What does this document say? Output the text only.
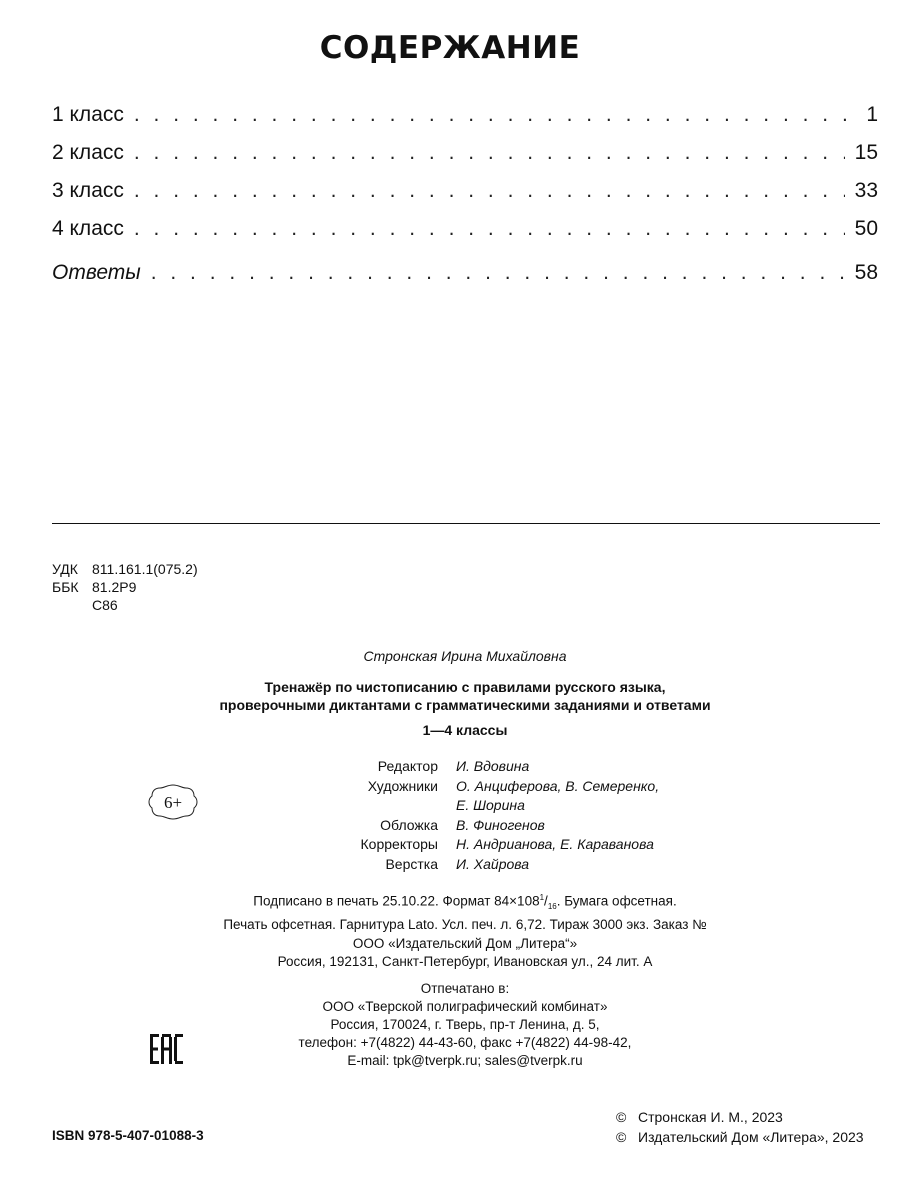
СОДЕРЖАНИЕ
1 класс . . .	1
2 класс . . .	15
3 класс . . .	33
4 класс . . .	50
Ответы . . .	58
УДК	811.161.1(075.2)
ББК 81.2Р9
С86
Стронская Ирина Михайловна
Тренажёр по чистописанию с правилами русского языка,
проверочными диктантами с грамматическими заданиями и ответами
1—4 классы
6+
Редактор	И. Вдовина
Художники	О. Анциферова, В. Семеренко,
Е. Шорина
Обложка	В. Финогенов
Корректоры	Н. Андрианова, Е. Караванова
Верстка	И. Хайрова
Подписано в печать 25.10.22. Формат $84\times 108^1/_{16}$. Бумага офсетная.
Печать офсетная. Гарнитура Lato. Усл. печ. л. 6,72. Тираж 3000 экз. Заказ №
ООО «Издательский Дом „Литера“»
Россия, 192131, Санкт-Петербург, Ивановская ул., 24 лит. А
Отпечатано в:
ООО «Тверской полиграфический комбинат»
Россия, 170024, г. Тверь, пр-т Ленина, д. 5,
телефон: +7(4822) 44-43-60, факс +7(4822) 44-98-42,
E-mail: tpk@tverpk.ru; sales@tverpk.ru
ISBN 978-5-407-01088-3
© Стронская И. М., 2023
© Издательский Дом «Литера», 2023
